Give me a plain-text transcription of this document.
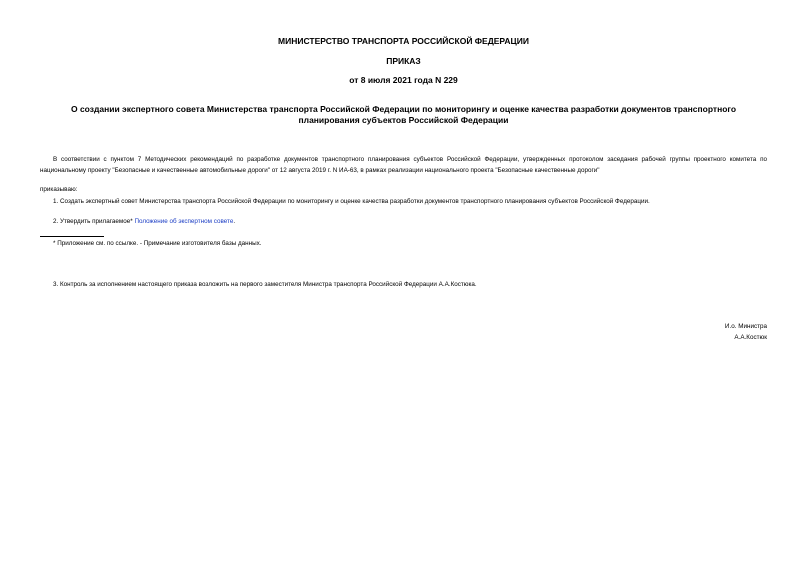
МИНИСТЕРСТВО ТРАНСПОРТА РОССИЙСКОЙ ФЕДЕРАЦИИ
ПРИКАЗ
от 8 июля 2021 года N 229
О создании экспертного совета Министерства транспорта Российской Федерации по мониторингу и оценке качества разработки документов транспортного планирования субъектов Российской Федерации
В соответствии с пунктом 7 Методических рекомендаций по разработке документов транспортного планирования субъектов Российской Федерации, утвержденных протоколом заседания рабочей группы проектного комитета по национальному проекту "Безопасные и качественные автомобильные дороги" от 12 августа 2019 г. N ИА-63, в рамках реализации национального проекта "Безопасные качественные дороги"
приказываю:
1. Создать экспертный совет Министерства транспорта Российской Федерации по мониторингу и оценке качества разработки документов транспортного планирования субъектов Российской Федерации.
2. Утвердить прилагаемое* Положение об экспертном совете.
* Приложение см. по ссылке. - Примечание изготовителя базы данных.
3. Контроль за исполнением настоящего приказа возложить на первого заместителя Министра транспорта Российской Федерации А.А.Костюка.
И.о. Министра
А.А.Костюк
